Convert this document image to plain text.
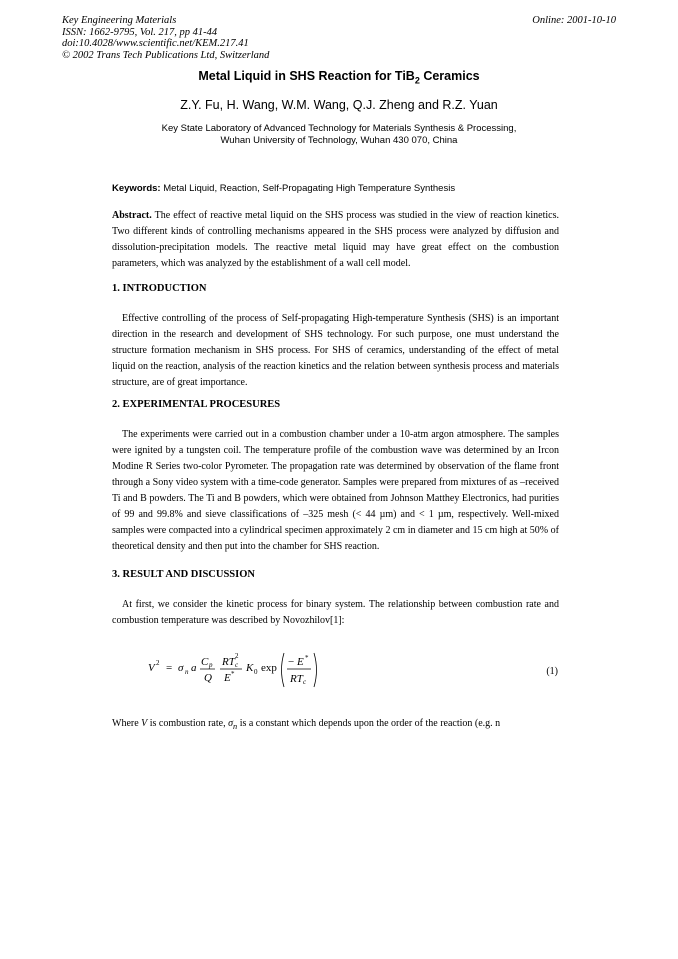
Key Engineering Materials
ISSN: 1662-9795, Vol. 217, pp 41-44
doi:10.4028/www.scientific.net/KEM.217.41
© 2002 Trans Tech Publications Ltd, Switzerland
Online: 2001-10-10
Metal Liquid in SHS Reaction for TiB$_2$ Ceramics
Z.Y. Fu, H. Wang, W.M. Wang, Q.J. Zheng and R.Z. Yuan
Key State Laboratory of Advanced Technology for Materials Synthesis & Processing,
Wuhan University of Technology, Wuhan 430 070, China
Keywords: Metal Liquid, Reaction, Self-Propagating High Temperature Synthesis
Abstract. The effect of reactive metal liquid on the SHS process was studied in the view of reaction kinetics. Two different kinds of controlling mechanisms appeared in the SHS process were analyzed by diffusion and dissolution-precipitation models. The reactive metal liquid may have great effect on the combustion parameters, which was analyzed by the establishment of a wall cell model.
1. INTRODUCTION
Effective controlling of the process of Self-propagating High-temperature Synthesis (SHS) is an important direction in the research and development of SHS technology. For such purpose, one must understand the structure formation mechanism in SHS process. For SHS of ceramics, understanding of the effect of metal liquid on the reaction, analysis of the reaction kinetics and the relation between synthesis process and materials structure, are of great importance.
2. EXPERIMENTAL PROCESURES
The experiments were carried out in a combustion chamber under a 10-atm argon atmosphere. The samples were ignited by a tungsten coil. The temperature profile of the combustion wave was determined by an Ircon Modine R Series two-color Pyrometer. The propagation rate was determined by observation of the flame front through a Sony video system with a time-code generator. Samples were prepared from mixtures of as –received Ti and B powders. The Ti and B powders, which were obtained from Johnson Matthey Electronics, had purities of 99 and 99.8% and sieve classifications of –325 mesh (< 44 µm) and < 1 µm, respectively. Well-mixed samples were compacted into a cylindrical specimen approximately 2 cm in diameter and 15 cm high at 50% of theoretical density and then put into the chamber for SHS reaction.
3. RESULT AND DISCUSSION
At first, we consider the kinetic process for binary system. The relationship between combustion rate and combustion temperature was described by Novozhilov[1]:
V 2 = σ n a C p
Q
RT c
2
E * K 0 exp − E *
RT c
(1)
Where V is combustion rate, $\sigma_n$ is a constant which depends upon the order of the reaction (e.g. n
